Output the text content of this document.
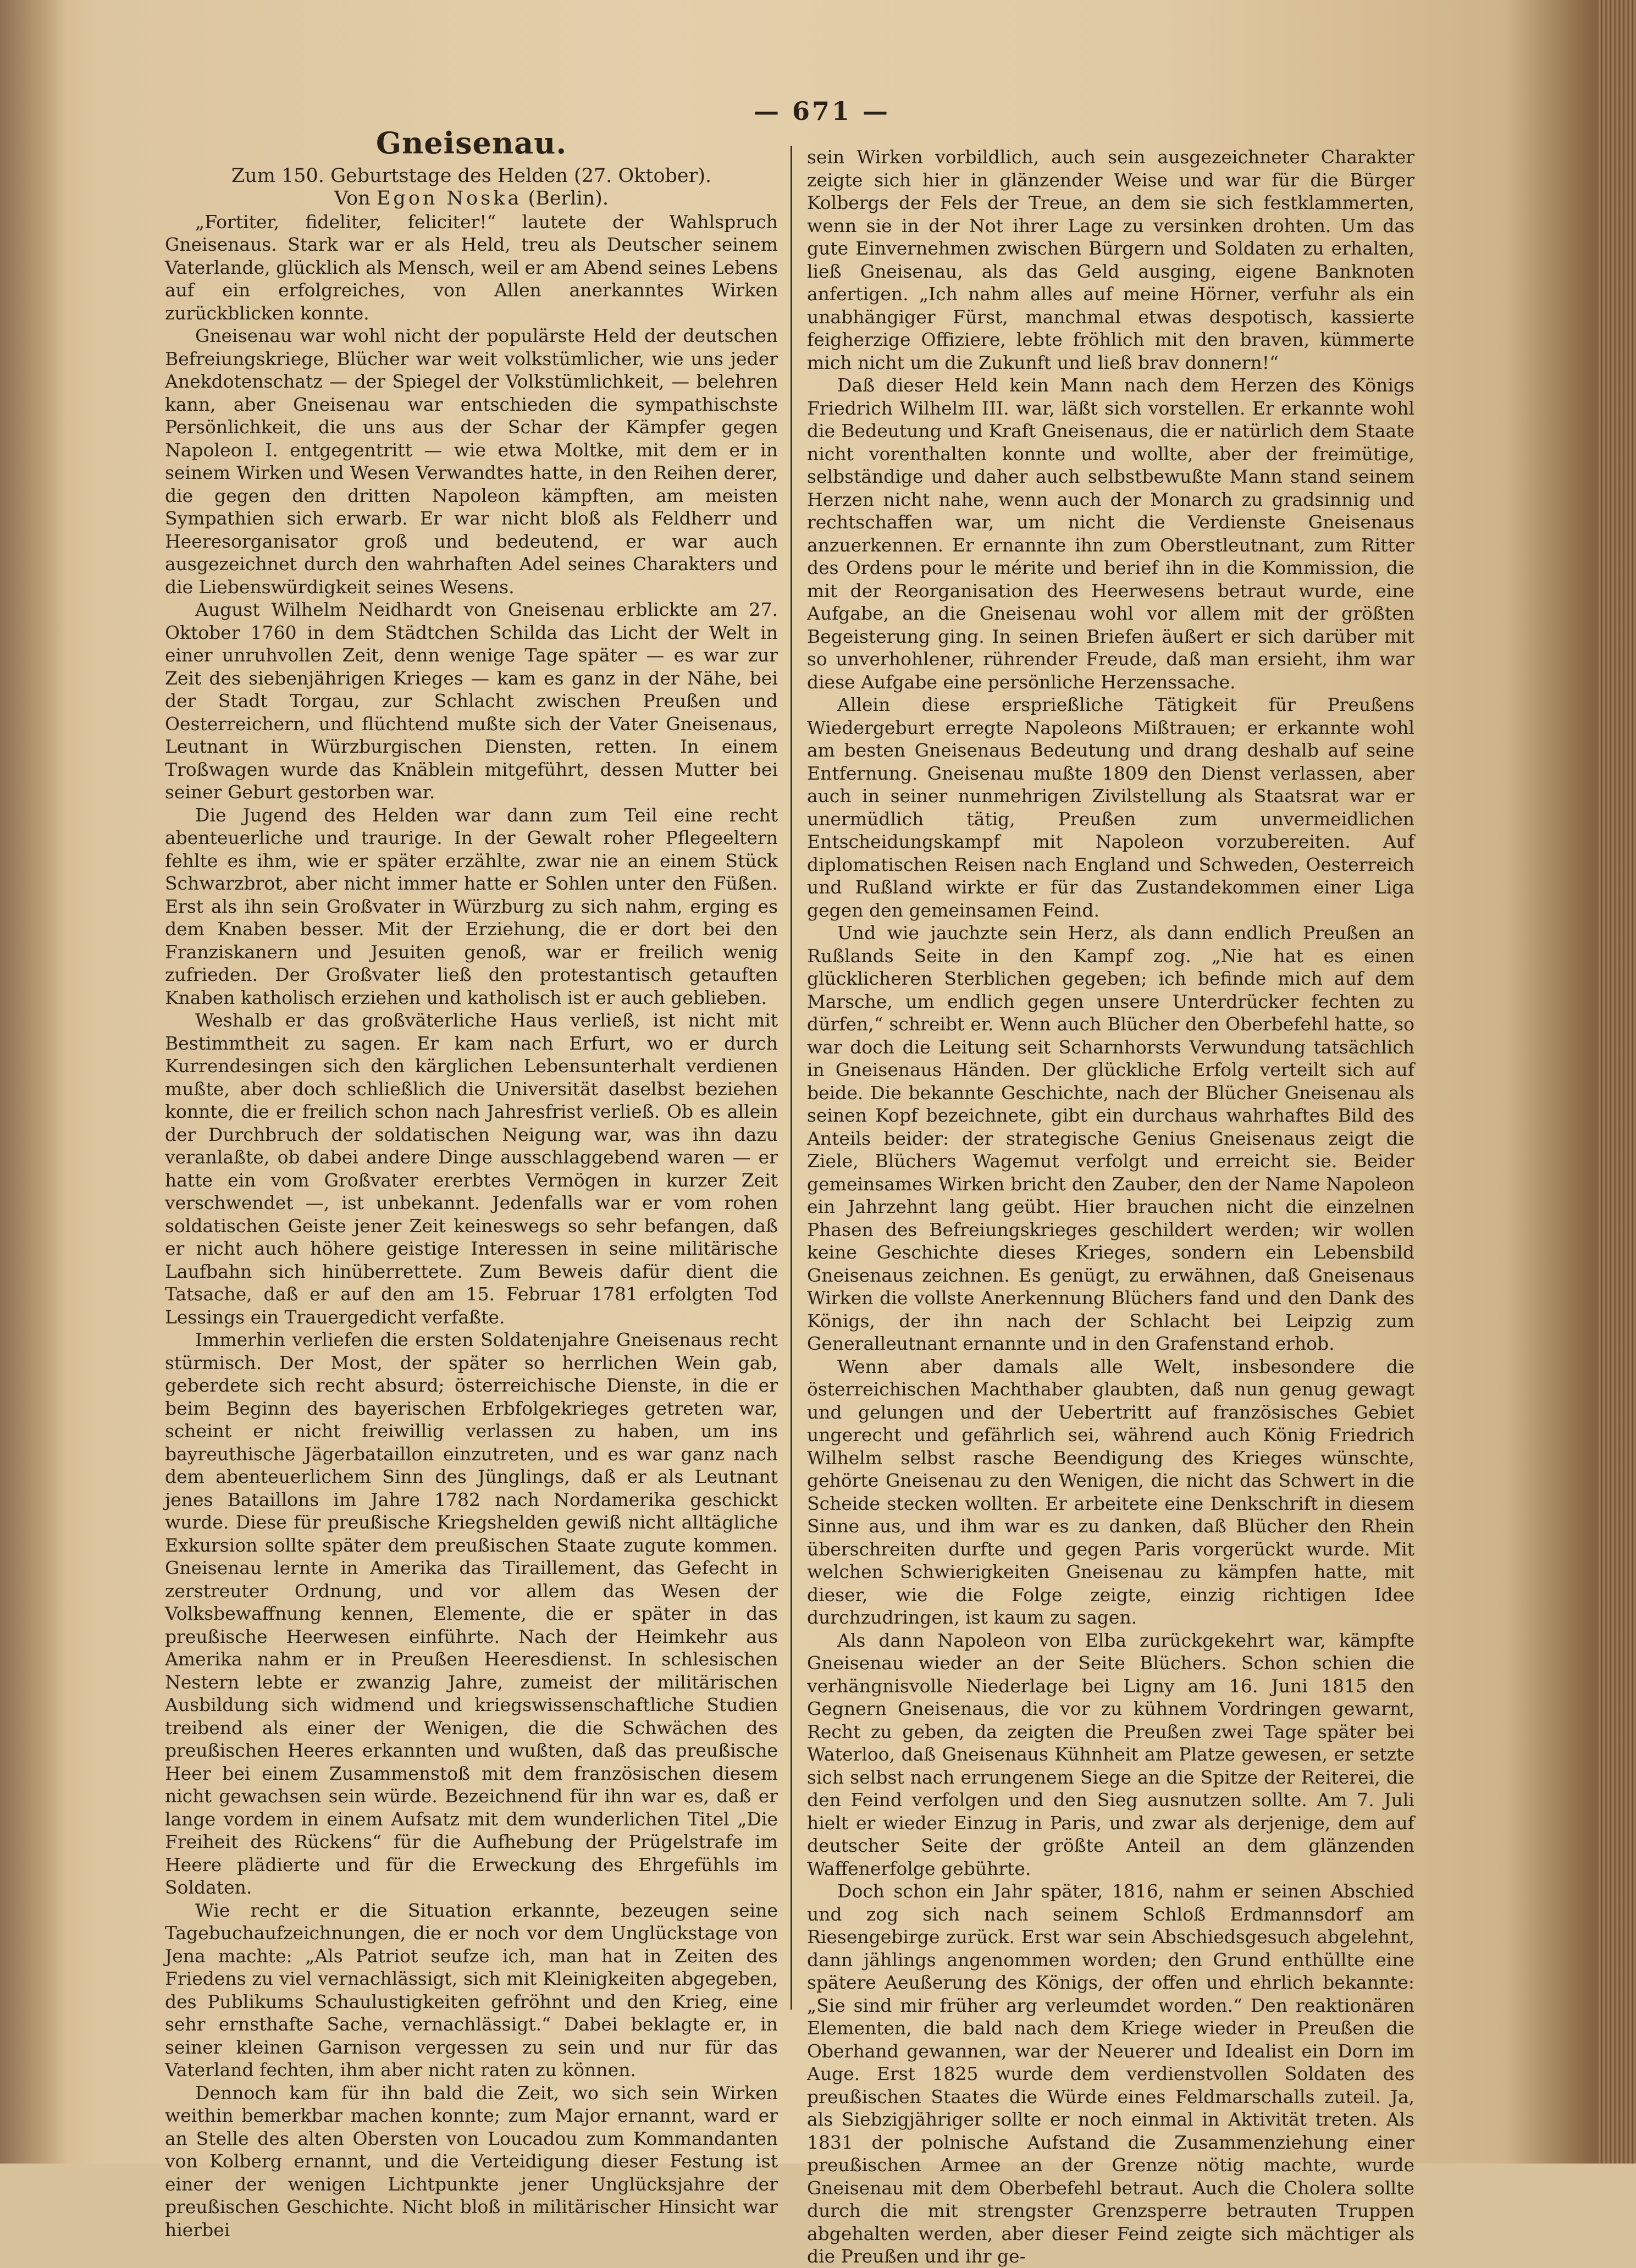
— 671 —
Gneisenau.

Zum 150. Geburtstage des Helden (27. Oktober).

Von Egon Noska (Berlin).

„Fortiter, fideliter, feliciter!“ lautete der Wahlspruch Gneisenaus. Stark war er als Held, treu als Deutscher seinem Vaterlande, glücklich als Mensch, weil er am Abend seines Lebens auf ein erfolgreiches, von Allen anerkanntes Wirken zurückblicken konnte.

Gneisenau war wohl nicht der populärste Held der deutschen Befreiungskriege, Blücher war weit volkstümlicher, wie uns jeder Anekdotenschatz — der Spiegel der Volkstümlichkeit, — belehren kann, aber Gneisenau war entschieden die sympathischste Persönlichkeit, die uns aus der Schar der Kämpfer gegen Napoleon I. entgegentritt — wie etwa Moltke, mit dem er in seinem Wirken und Wesen Verwandtes hatte, in den Reihen derer, die gegen den dritten Napoleon kämpften, am meisten Sympathien sich erwarb. Er war nicht bloß als Feldherr und Heeresorganisator groß und bedeutend, er war auch ausgezeichnet durch den wahrhaften Adel seines Charakters und die Liebenswürdigkeit seines Wesens.

August Wilhelm Neidhardt von Gneisenau erblickte am 27. Oktober 1760 in dem Städtchen Schilda das Licht der Welt in einer unruhvollen Zeit, denn wenige Tage später — es war zur Zeit des siebenjährigen Krieges — kam es ganz in der Nähe, bei der Stadt Torgau, zur Schlacht zwischen Preußen und Oesterreichern, und flüchtend mußte sich der Vater Gneisenaus, Leutnant in Würzburgischen Diensten, retten. In einem Troßwagen wurde das Knäblein mitgeführt, dessen Mutter bei seiner Geburt gestorben war.

Die Jugend des Helden war dann zum Teil eine recht abenteuerliche und traurige. In der Gewalt roher Pflegeeltern fehlte es ihm, wie er später erzählte, zwar nie an einem Stück Schwarzbrot, aber nicht immer hatte er Sohlen unter den Füßen. Erst als ihn sein Großvater in Würzburg zu sich nahm, erging es dem Knaben besser. Mit der Erziehung, die er dort bei den Franziskanern und Jesuiten genoß, war er freilich wenig zufrieden. Der Großvater ließ den protestantisch getauften Knaben katholisch erziehen und katholisch ist er auch geblieben.

Weshalb er das großväterliche Haus verließ, ist nicht mit Bestimmtheit zu sagen. Er kam nach Erfurt, wo er durch Kurrendesingen sich den kärglichen Lebensunterhalt verdienen mußte, aber doch schließlich die Universität daselbst beziehen konnte, die er freilich schon nach Jahresfrist verließ. Ob es allein der Durchbruch der soldatischen Neigung war, was ihn dazu veranlaßte, ob dabei andere Dinge ausschlaggebend waren — er hatte ein vom Großvater ererbtes Vermögen in kurzer Zeit verschwendet —, ist unbekannt. Jedenfalls war er vom rohen soldatischen Geiste jener Zeit keineswegs so sehr befangen, daß er nicht auch höhere geistige Interessen in seine militärische Laufbahn sich hinüberrettete. Zum Beweis dafür dient die Tatsache, daß er auf den am 15. Februar 1781 erfolgten Tod Lessings ein Trauergedicht verfaßte.

Immerhin verliefen die ersten Soldatenjahre Gneisenaus recht stürmisch. Der Most, der später so herrlichen Wein gab, geberdete sich recht absurd; österreichische Dienste, in die er beim Beginn des bayerischen Erbfolgekrieges getreten war, scheint er nicht freiwillig verlassen zu haben, um ins bayreuthische Jägerbataillon einzutreten, und es war ganz nach dem abenteuerlichem Sinn des Jünglings, daß er als Leutnant jenes Bataillons im Jahre 1782 nach Nordamerika geschickt wurde. Diese für preußische Kriegshelden gewiß nicht alltägliche Exkursion sollte später dem preußischen Staate zugute kommen. Gneisenau lernte in Amerika das Tiraillement, das Gefecht in zerstreuter Ordnung, und vor allem das Wesen der Volksbewaffnung kennen, Elemente, die er später in das preußische Heerwesen einführte. Nach der Heimkehr aus Amerika nahm er in Preußen Heeresdienst. In schlesischen Nestern lebte er zwanzig Jahre, zumeist der militärischen Ausbildung sich widmend und kriegswissenschaftliche Studien treibend als einer der Wenigen, die die Schwächen des preußischen Heeres erkannten und wußten, daß das preußische Heer bei einem Zusammenstoß mit dem französischen diesem nicht gewachsen sein würde. Bezeichnend für ihn war es, daß er lange vordem in einem Aufsatz mit dem wunderlichen Titel „Die Freiheit des Rückens“ für die Aufhebung der Prügelstrafe im Heere plädierte und für die Erweckung des Ehrgefühls im Soldaten.

Wie recht er die Situation erkannte, bezeugen seine Tagebuchaufzeichnungen, die er noch vor dem Unglückstage von Jena machte: „Als Patriot seufze ich, man hat in Zeiten des Friedens zu viel vernachlässigt, sich mit Kleinigkeiten abgegeben, des Publikums Schaulustigkeiten gefröhnt und den Krieg, eine sehr ernsthafte Sache, vernachlässigt.“ Dabei beklagte er, in seiner kleinen Garnison vergessen zu sein und nur für das Vaterland fechten, ihm aber nicht raten zu können.

Dennoch kam für ihn bald die Zeit, wo sich sein Wirken weithin bemerkbar machen konnte; zum Major ernannt, ward er an Stelle des alten Obersten von Loucadou zum Kommandanten von Kolberg ernannt, und die Verteidigung dieser Festung ist einer der wenigen Lichtpunkte jener Unglücksjahre der preußischen Geschichte. Nicht bloß in militärischer Hinsicht war hierbei

sein Wirken vorbildlich, auch sein ausgezeichneter Charakter zeigte sich hier in glänzender Weise und war für die Bürger Kolbergs der Fels der Treue, an dem sie sich festklammerten, wenn sie in der Not ihrer Lage zu versinken drohten. Um das gute Einvernehmen zwischen Bürgern und Soldaten zu erhalten, ließ Gneisenau, als das Geld ausging, eigene Banknoten anfertigen. „Ich nahm alles auf meine Hörner, verfuhr als ein unabhängiger Fürst, manchmal etwas despotisch, kassierte feigherzige Offiziere, lebte fröhlich mit den braven, kümmerte mich nicht um die Zukunft und ließ brav donnern!“

Daß dieser Held kein Mann nach dem Herzen des Königs Friedrich Wilhelm III. war, läßt sich vorstellen. Er erkannte wohl die Bedeutung und Kraft Gneisenaus, die er natürlich dem Staate nicht vorenthalten konnte und wollte, aber der freimütige, selbständige und daher auch selbstbewußte Mann stand seinem Herzen nicht nahe, wenn auch der Monarch zu gradsinnig und rechtschaffen war, um nicht die Verdienste Gneisenaus anzuerkennen. Er ernannte ihn zum Oberstleutnant, zum Ritter des Ordens pour le mérite und berief ihn in die Kommission, die mit der Reorganisation des Heerwesens betraut wurde, eine Aufgabe, an die Gneisenau wohl vor allem mit der größten Begeisterung ging. In seinen Briefen äußert er sich darüber mit so unverhohlener, rührender Freude, daß man ersieht, ihm war diese Aufgabe eine persönliche Herzenssache.

Allein diese ersprießliche Tätigkeit für Preußens Wiedergeburt erregte Napoleons Mißtrauen; er erkannte wohl am besten Gneisenaus Bedeutung und drang deshalb auf seine Entfernung. Gneisenau mußte 1809 den Dienst verlassen, aber auch in seiner nunmehrigen Zivilstellung als Staatsrat war er unermüdlich tätig, Preußen zum unvermeidlichen Entscheidungskampf mit Napoleon vorzubereiten. Auf diplomatischen Reisen nach England und Schweden, Oesterreich und Rußland wirkte er für das Zustandekommen einer Liga gegen den gemeinsamen Feind.

Und wie jauchzte sein Herz, als dann endlich Preußen an Rußlands Seite in den Kampf zog. „Nie hat es einen glücklicheren Sterblichen gegeben; ich befinde mich auf dem Marsche, um endlich gegen unsere Unterdrücker fechten zu dürfen,“ schreibt er. Wenn auch Blücher den Oberbefehl hatte, so war doch die Leitung seit Scharnhorsts Verwundung tatsächlich in Gneisenaus Händen. Der glückliche Erfolg verteilt sich auf beide. Die bekannte Geschichte, nach der Blücher Gneisenau als seinen Kopf bezeichnete, gibt ein durchaus wahrhaftes Bild des Anteils beider: der strategische Genius Gneisenaus zeigt die Ziele, Blüchers Wagemut verfolgt und erreicht sie. Beider gemeinsames Wirken bricht den Zauber, den der Name Napoleon ein Jahrzehnt lang geübt. Hier brauchen nicht die einzelnen Phasen des Befreiungskrieges geschildert werden; wir wollen keine Geschichte dieses Krieges, sondern ein Lebensbild Gneisenaus zeichnen. Es genügt, zu erwähnen, daß Gneisenaus Wirken die vollste Anerkennung Blüchers fand und den Dank des Königs, der ihn nach der Schlacht bei Leipzig zum Generalleutnant ernannte und in den Grafenstand erhob.

Wenn aber damals alle Welt, insbesondere die österreichischen Machthaber glaubten, daß nun genug gewagt und gelungen und der Uebertritt auf französisches Gebiet ungerecht und gefährlich sei, während auch König Friedrich Wilhelm selbst rasche Beendigung des Krieges wünschte, gehörte Gneisenau zu den Wenigen, die nicht das Schwert in die Scheide stecken wollten. Er arbeitete eine Denkschrift in diesem Sinne aus, und ihm war es zu danken, daß Blücher den Rhein überschreiten durfte und gegen Paris vorgerückt wurde. Mit welchen Schwierigkeiten Gneisenau zu kämpfen hatte, mit dieser, wie die Folge zeigte, einzig richtigen Idee durchzudringen, ist kaum zu sagen.

Als dann Napoleon von Elba zurückgekehrt war, kämpfte Gneisenau wieder an der Seite Blüchers. Schon schien die verhängnisvolle Niederlage bei Ligny am 16. Juni 1815 den Gegnern Gneisenaus, die vor zu kühnem Vordringen gewarnt, Recht zu geben, da zeigten die Preußen zwei Tage später bei Waterloo, daß Gneisenaus Kühnheit am Platze gewesen, er setzte sich selbst nach errungenem Siege an die Spitze der Reiterei, die den Feind verfolgen und den Sieg ausnutzen sollte. Am 7. Juli hielt er wieder Einzug in Paris, und zwar als derjenige, dem auf deutscher Seite der größte Anteil an dem glänzenden Waffenerfolge gebührte.

Doch schon ein Jahr später, 1816, nahm er seinen Abschied und zog sich nach seinem Schloß Erdmannsdorf am Riesengebirge zurück. Erst war sein Abschiedsgesuch abgelehnt, dann jählings angenommen worden; den Grund enthüllte eine spätere Aeußerung des Königs, der offen und ehrlich bekannte: „Sie sind mir früher arg verleumdet worden.“ Den reaktionären Elementen, die bald nach dem Kriege wieder in Preußen die Oberhand gewannen, war der Neuerer und Idealist ein Dorn im Auge. Erst 1825 wurde dem verdienstvollen Soldaten des preußischen Staates die Würde eines Feldmarschalls zuteil. Ja, als Siebzigjähriger sollte er noch einmal in Aktivität treten. Als 1831 der polnische Aufstand die Zusammenziehung einer preußischen Armee an der Grenze nötig machte, wurde Gneisenau mit dem Oberbefehl betraut. Auch die Cholera sollte durch die mit strengster Grenzsperre betrauten Truppen abgehalten werden, aber dieser Feind zeigte sich mächtiger als die Preußen und ihr ge-
